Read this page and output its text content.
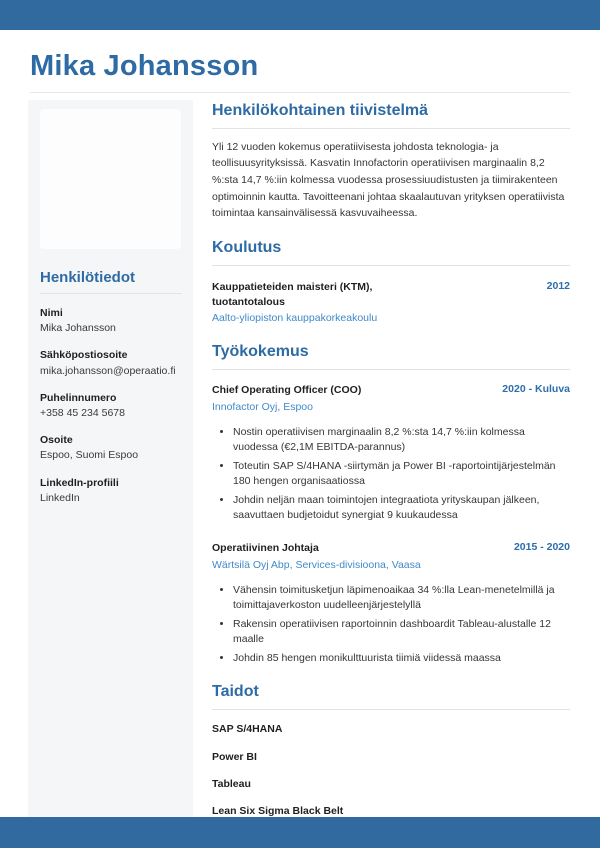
Mika Johansson
Henkilötiedot
Nimi
Mika Johansson
Sähköpostiosoite
mika.johansson@operaatio.fi
Puhelinnumero
+358 45 234 5678
Osoite
Espoo, Suomi Espoo
LinkedIn-profiili
LinkedIn
Henkilökohtainen tiivistelmä

Yli 12 vuoden kokemus operatiivisesta johdosta teknologia- ja teollisuusyrityksissä. Kasvatin Innofactorin operatiivisen marginaalin 8,2 %:sta 14,7 %:iin kolmessa vuodessa prosessiuudistusten ja tiimirakenteen optimoinnin kautta. Tavoitteenani johtaa skaalautuvan yrityksen operatiivista toimintaa kansainvälisessä kasvuvaiheessa.

Koulutus
Kauppatieteiden maisteri (KTM), tuotantotalous
Aalto-yliopiston kauppakorkeakoulu
2012
Työkokemus
Chief Operating Officer (COO)	2020 - Kuluva
Innofactor Oyj, Espoo
• Nostin operatiivisen marginaalin 8,2 %:sta 14,7 %:iin kolmessa vuodessa (€2,1M EBITDA-parannus)
• Toteutin SAP S/4HANA -siirtymän ja Power BI -raportointijärjestelmän 180 hengen organisaatiossa
• Johdin neljän maan toimintojen integraatiota yrityskaupan jälkeen, saavuttaen budjetoidut synergiat 9 kuukaudessa
Operatiivinen Johtaja	2015 - 2020
Wärtsilä Oyj Abp, Services-divisioona, Vaasa
• Vähensin toimitusketjun läpimenoaikaa 34 %:lla Lean-menetelmillä ja toimittajaverkoston uudelleenjärjestelyllä
• Rakensin operatiivisen raportoinnin dashboardit Tableau-alustalle 12 maalle
• Johdin 85 hengen monikulttuurista tiimiä viidessä maassa
Taidot
SAP S/4HANA
Power BI
Tableau
Lean Six Sigma Black Belt
